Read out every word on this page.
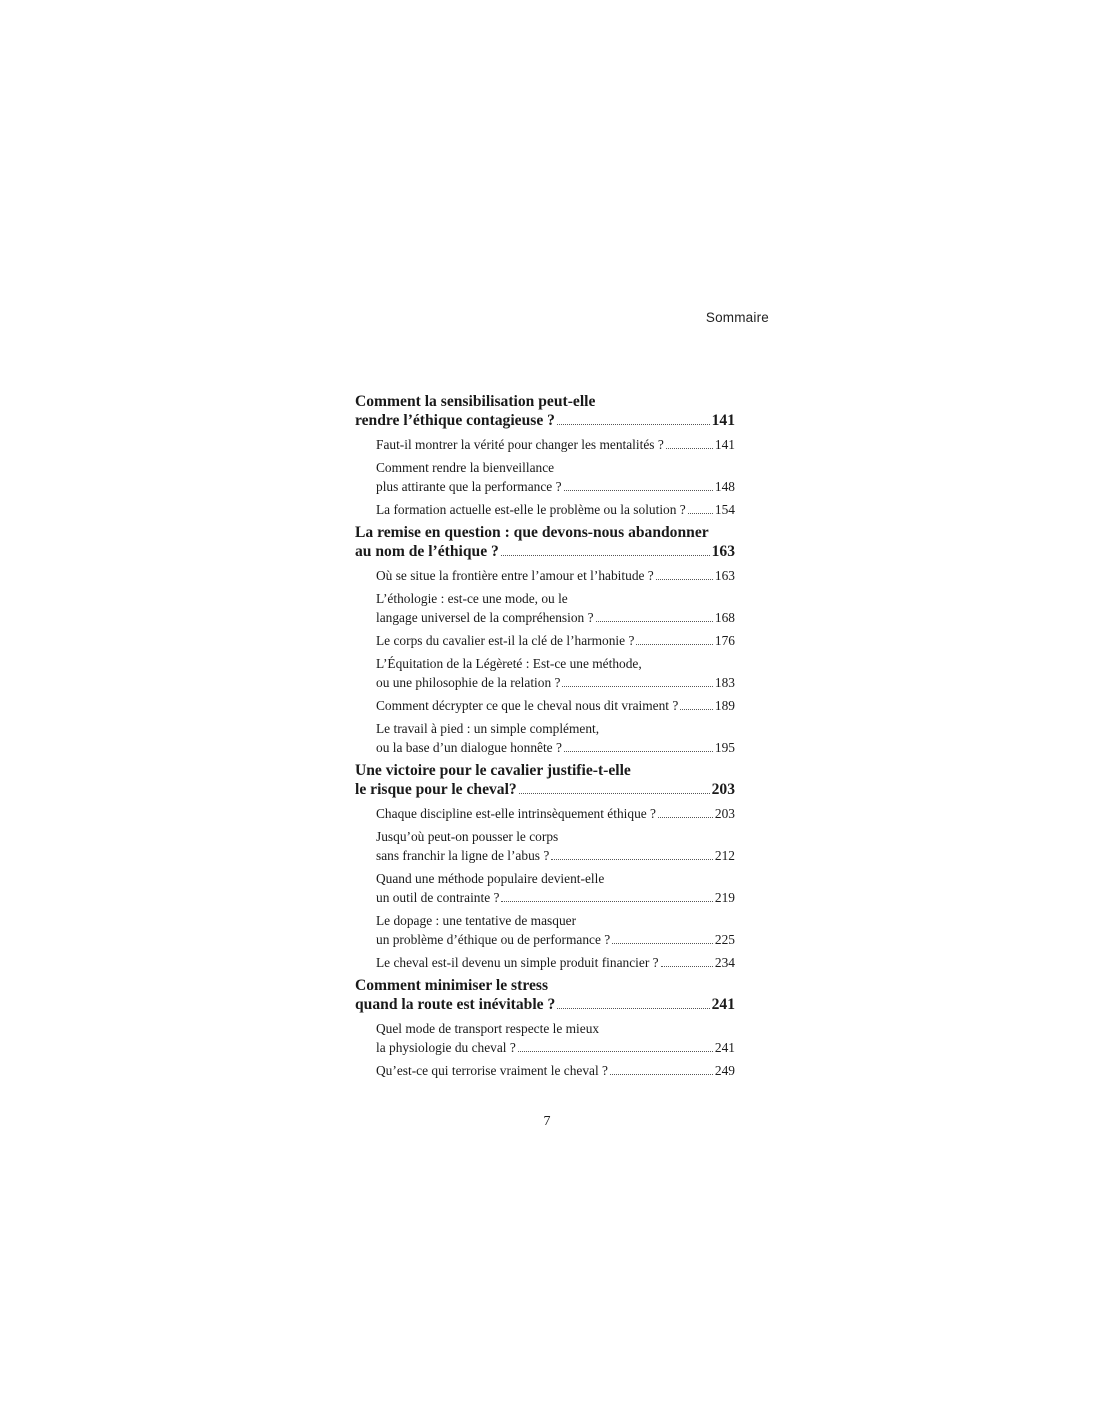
Sommaire
Comment la sensibilisation peut-elle
rendre l’éthique contagieuse ?	141
Faut-il montrer la vérité pour changer les mentalités ?	141
Comment rendre la bienveillance
plus attirante que la performance ?	148
La formation actuelle est-elle le problème ou la solution ? 154
La remise en question : que devons-nous abandonner
au nom de l’éthique ?	163
Où se situe la frontière entre l’amour et l’habitude ?	163
L’éthologie : est-ce une mode, ou le
langage universel de la compréhension ?	168
Le corps du cavalier est-il la clé de l’harmonie ?	176
L’Équitation de la Légèreté : Est-ce une méthode,
ou une philosophie de la relation ?	183
Comment décrypter ce que le cheval nous dit vraiment ?	189
Le travail à pied : un simple complément,
ou la base d’un dialogue honnête ?	195
Une victoire pour le cavalier justifie-t-elle
le risque pour le cheval?	203
Chaque discipline est-elle intrinsèquement éthique ?	203
Jusqu’où peut-on pousser le corps
sans franchir la ligne de l’abus ?	212
Quand une méthode populaire devient-elle
un outil de contrainte ?	219
Le dopage : une tentative de masquer
un problème d’éthique ou de performance ?	225
Le cheval est-il devenu un simple produit financier ?	234
Comment minimiser le stress
quand la route est inévitable ?	241
Quel mode de transport respecte le mieux
la physiologie du cheval ?	241
Qu’est-ce qui terrorise vraiment le cheval ?	249
7
